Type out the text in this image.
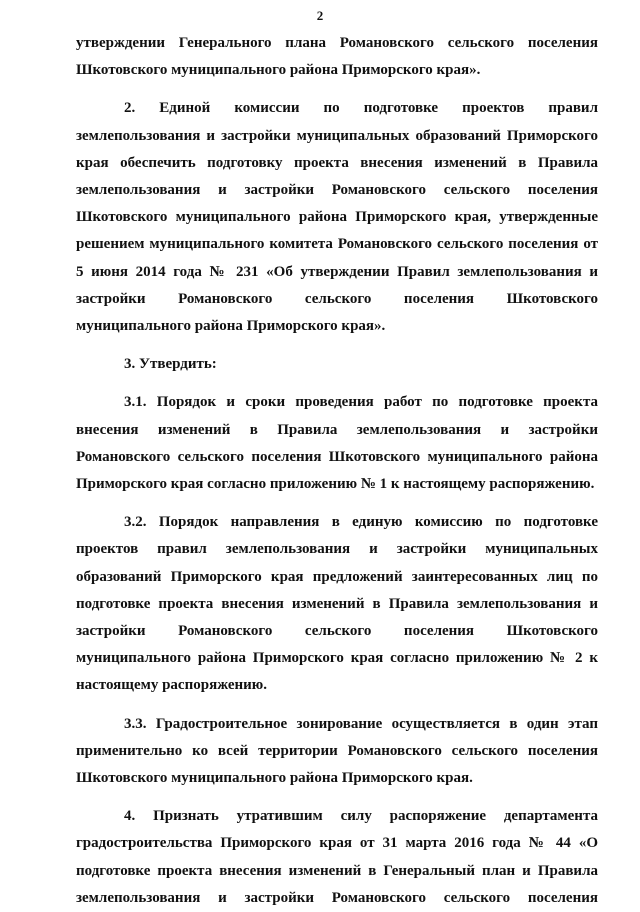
2

утверждении Генерального плана Романовского сельского поселения Шкотовского муниципального района Приморского края».

2. Единой комиссии по подготовке проектов правил землепользования и застройки муниципальных образований Приморского края обеспечить подготовку проекта внесения изменений в Правила землепользования и застройки Романовского сельского поселения Шкотовского муниципального района Приморского края, утвержденные решением муниципального комитета Романовского сельского поселения от 5 июня 2014 года № 231 «Об утверждении Правил землепользования и застройки Романовского сельского поселения Шкотовского муниципального района Приморского края».

3. Утвердить:

3.1. Порядок и сроки проведения работ по подготовке проекта внесения изменений в Правила землепользования и застройки Романовского сельского поселения Шкотовского муниципального района Приморского края согласно приложению № 1 к настоящему распоряжению.

3.2. Порядок направления в единую комиссию по подготовке проектов правил землепользования и застройки муниципальных образований Приморского края предложений заинтересованных лиц по подготовке проекта внесения изменений в Правила землепользования и застройки Романовского сельского поселения Шкотовского муниципального района Приморского края согласно приложению № 2 к настоящему распоряжению.

3.3. Градостроительное зонирование осуществляется в один этап применительно ко всей территории Романовского сельского поселения Шкотовского муниципального района Приморского края.

4. Признать утратившим силу распоряжение департамента градостроительства Приморского края от 31 марта 2016 года № 44 «О подготовке проекта внесения изменений в Генеральный план и Правила землепользования и застройки Романовского сельского поселения
